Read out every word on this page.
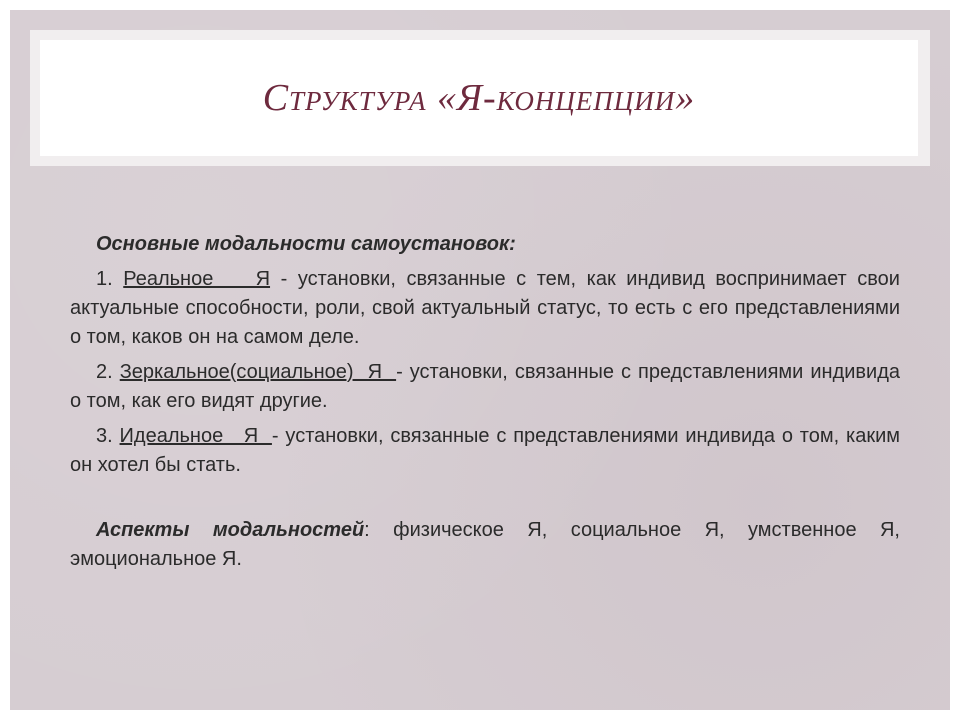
Структура «Я-концепции»

Основные модальности самоустановок:

1. Реальное    Я - установки, связанные с тем, как индивид воспринимает свои актуальные способности, роли, свой актуальный статус, то есть с его представлениями о том, каков он на самом деле.

2. Зеркальное(социальное)  Я  - установки, связанные с представлениями индивида о том, как его видят другие.

3. Идеальное   Я  - установки, связанные с представлениями индивида о том, каким он хотел бы стать.

Аспекты модальностей: физическое Я, социальное Я, умственное Я, эмоциональное Я.
